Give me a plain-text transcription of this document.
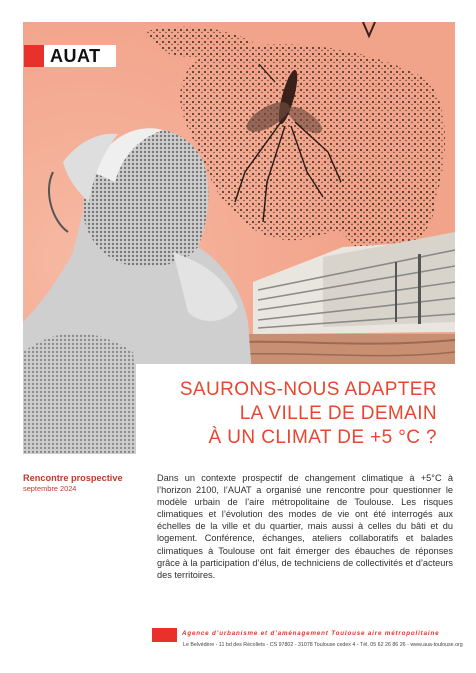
AUAT
SAURONS-NOUS ADAPTER
LA VILLE DE DEMAIN
À UN CLIMAT DE +5 °C ?
Rencontre prospective
septembre 2024
Dans un contexte prospectif de changement climatique à +5°C à l’horizon 2100, l’AUAT a organisé une rencontre pour questionner le modèle urbain de l’aire métropolitaine de Toulouse. Les risques climatiques et l’évolution des modes de vie ont été interrogés aux échelles de la ville et du quartier, mais aussi à celles du bâti et du logement. Conférence, échanges, ateliers collaboratifs et balades climatiques à Toulouse ont fait émerger des ébauches de réponses grâce à la participation d’élus, de techniciens de collectivités et d’acteurs des territoires.
Agence d’urbanisme et d’aménagement Toulouse aire métropolitaine
Le Belvédère - 11 bd des Récollets - CS 97802 - 31078 Toulouse cedex 4 - Tél. 05 62 26 86 26 - www.aua-toulouse.org
